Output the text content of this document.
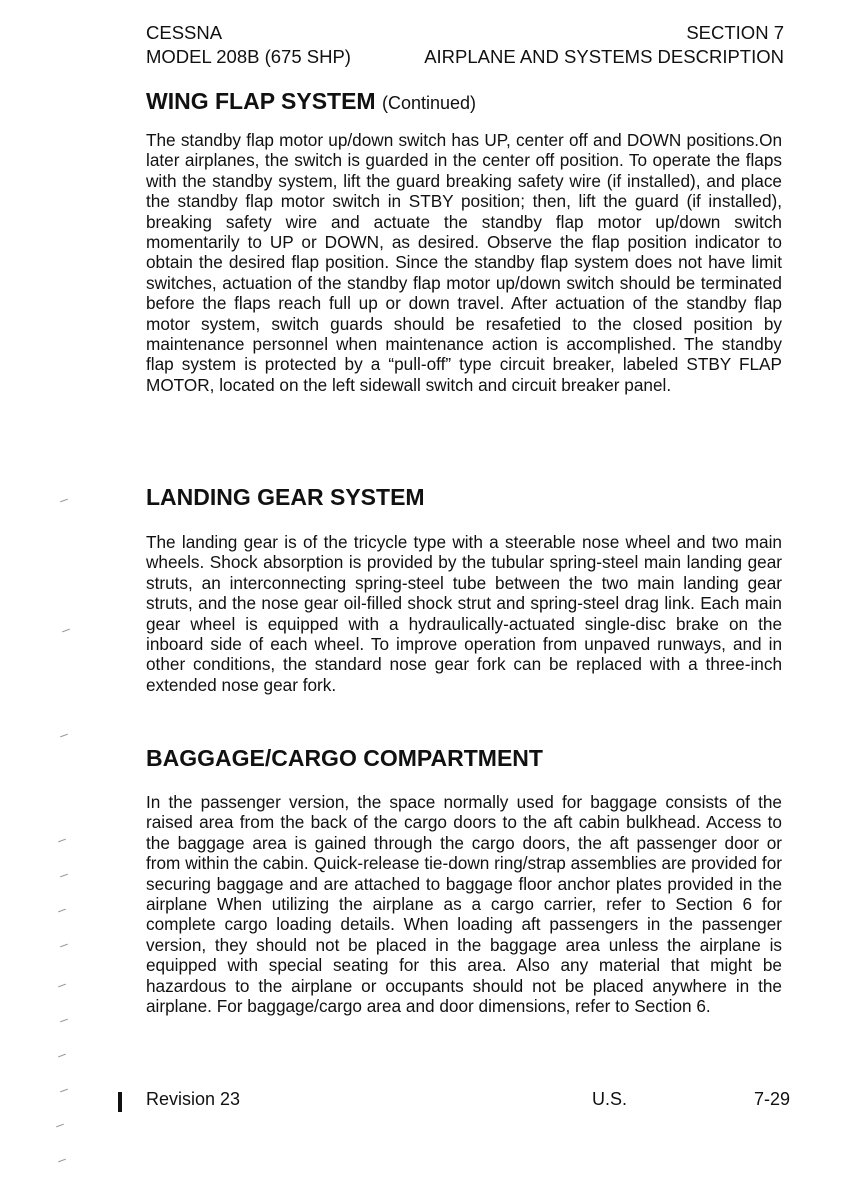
CESSNA	SECTION 7
MODEL 208B (675 SHP)	AIRPLANE AND SYSTEMS DESCRIPTION
WING FLAP SYSTEM (Continued)

The standby flap motor up/down switch has UP, center off and DOWN positions.On later airplanes, the switch is guarded in the center off position. To operate the flaps with the standby system, lift the guard breaking safety wire (if installed), and place the standby flap motor switch in STBY position; then, lift the guard (if installed), breaking safety wire and actuate the standby flap motor up/down switch momentarily to UP or DOWN, as desired. Observe the flap position indicator to obtain the desired flap position. Since the standby flap system does not have limit switches, actuation of the standby flap motor up/down switch should be terminated before the flaps reach full up or down travel. After actuation of the standby flap motor system, switch guards should be resafetied to the closed position by maintenance personnel when maintenance action is accomplished. The standby flap system is protected by a “pull-off” type circuit breaker, labeled STBY FLAP MOTOR, located on the left sidewall switch and circuit breaker panel.

LANDING GEAR SYSTEM

The landing gear is of the tricycle type with a steerable nose wheel and two main wheels. Shock absorption is provided by the tubular spring-steel main landing gear struts, an interconnecting spring-steel tube between the two main landing gear struts, and the nose gear oil-filled shock strut and spring-steel drag link. Each main gear wheel is equipped with a hydraulically-actuated single-disc brake on the inboard side of each wheel. To improve operation from unpaved runways, and in other conditions, the standard nose gear fork can be replaced with a three-inch extended nose gear fork.

BAGGAGE/CARGO COMPARTMENT

In the passenger version, the space normally used for baggage consists of the raised area from the back of the cargo doors to the aft cabin bulkhead. Access to the baggage area is gained through the cargo doors, the aft passenger door or from within the cabin. Quick-release tie-down ring/strap assemblies are provided for securing baggage and are attached to baggage floor anchor plates provided in the airplane When utilizing the airplane as a cargo carrier, refer to Section 6 for complete cargo loading details. When loading aft passengers in the passenger version, they should not be placed in the baggage area unless the airplane is equipped with special seating for this area. Also any material that might be hazardous to the airplane or occupants should not be placed anywhere in the airplane. For baggage/cargo area and door dimensions, refer to Section 6.

Revision 23	U.S.	7-29
